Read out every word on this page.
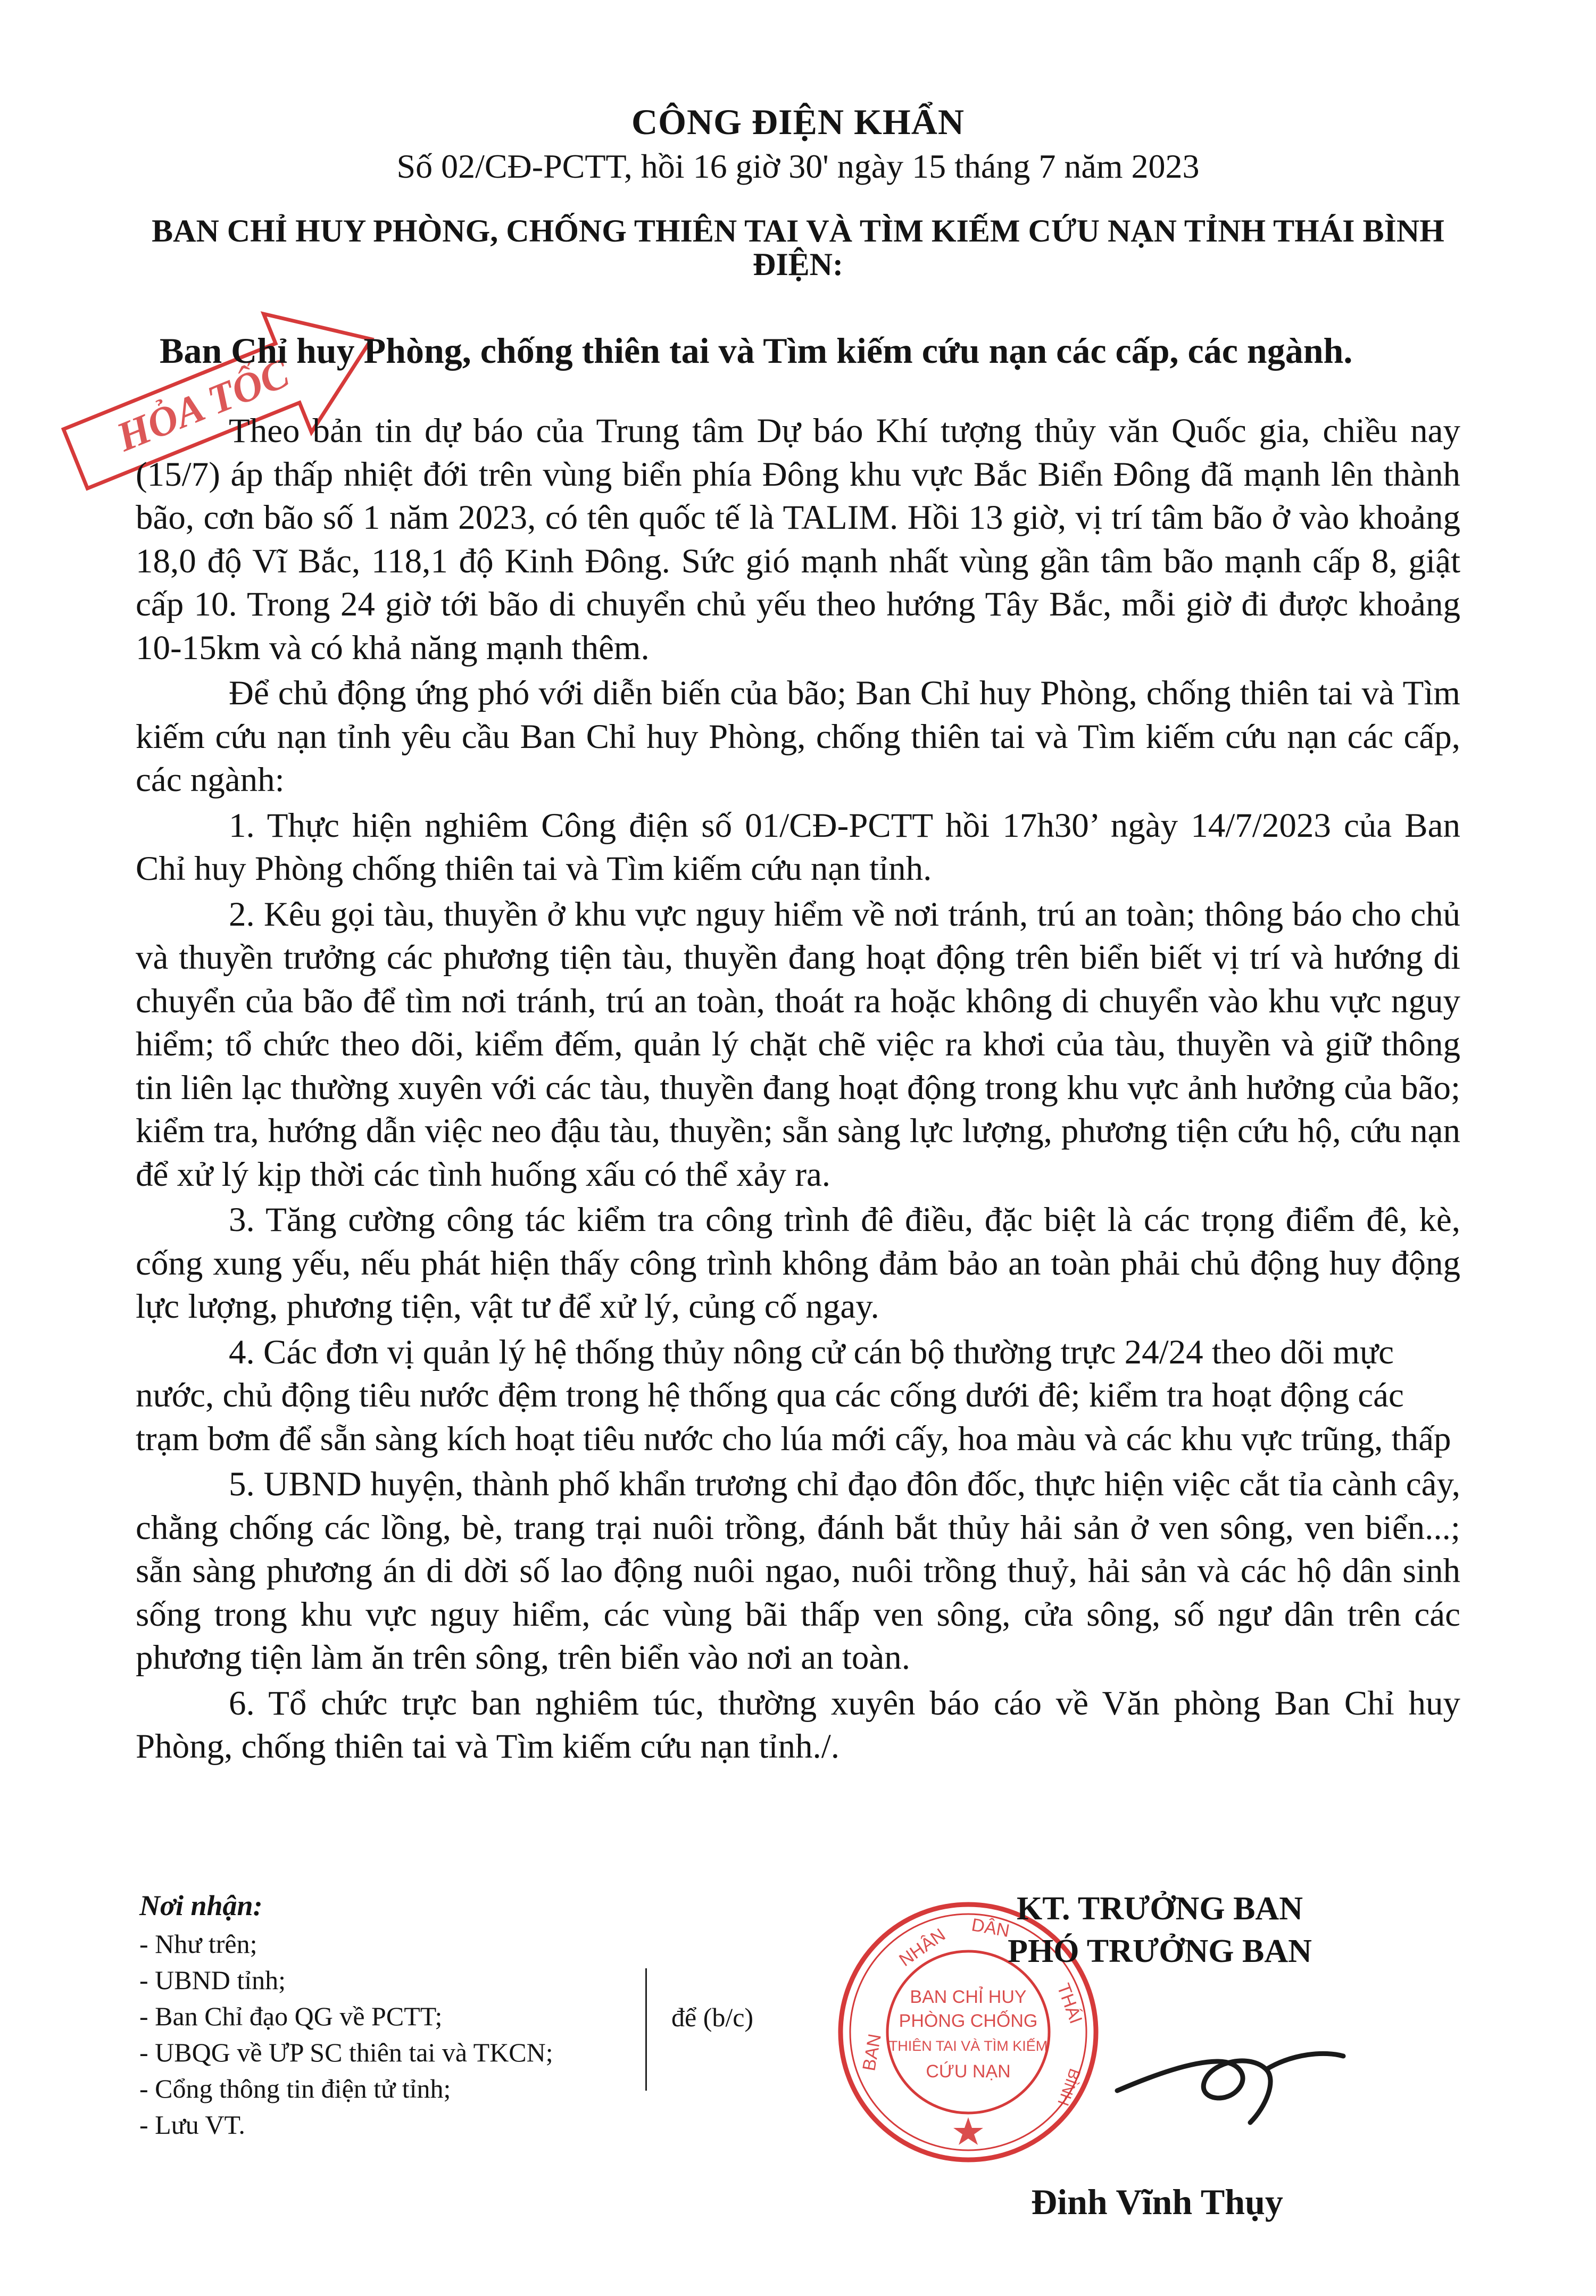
HỎA TỐC
CÔNG ĐIỆN KHẨN
Số 02/CĐ-PCTT, hồi 16 giờ 30' ngày 15 tháng 7 năm 2023
BAN CHỈ HUY PHÒNG, CHỐNG THIÊN TAI VÀ TÌM KIẾM CỨU NẠN TỈNH THÁI BÌNH
ĐIỆN:
Ban Chỉ huy Phòng, chống thiên tai và Tìm kiếm cứu nạn các cấp, các ngành.

Theo bản tin dự báo của Trung tâm Dự báo Khí tượng thủy văn Quốc gia, chiều nay (15/7) áp thấp nhiệt đới trên vùng biển phía Đông khu vực Bắc Biển Đông đã mạnh lên thành bão, cơn bão số 1 năm 2023, có tên quốc tế là TALIM. Hồi 13 giờ, vị trí tâm bão ở vào khoảng 18,0 độ Vĩ Bắc, 118,1 độ Kinh Đông. Sức gió mạnh nhất vùng gần tâm bão mạnh cấp 8, giật cấp 10. Trong 24 giờ tới bão di chuyển chủ yếu theo hướng Tây Bắc, mỗi giờ đi được khoảng 10-15km và có khả năng mạnh thêm.

Để chủ động ứng phó với diễn biến của bão; Ban Chỉ huy Phòng, chống thiên tai và Tìm kiếm cứu nạn tỉnh yêu cầu Ban Chỉ huy Phòng, chống thiên tai và Tìm kiếm cứu nạn các cấp, các ngành:

1. Thực hiện nghiêm Công điện số 01/CĐ-PCTT hồi 17h30’ ngày 14/7/2023 của Ban Chỉ huy Phòng chống thiên tai và Tìm kiếm cứu nạn tỉnh.

2. Kêu gọi tàu, thuyền ở khu vực nguy hiểm về nơi tránh, trú an toàn; thông báo cho chủ và thuyền trưởng các phương tiện tàu, thuyền đang hoạt động trên biển biết vị trí và hướng di chuyển của bão để tìm nơi tránh, trú an toàn, thoát ra hoặc không di chuyển vào khu vực nguy hiểm; tổ chức theo dõi, kiểm đếm, quản lý chặt chẽ việc ra khơi của tàu, thuyền và giữ thông tin liên lạc thường xuyên với các tàu, thuyền đang hoạt động trong khu vực ảnh hưởng của bão; kiểm tra, hướng dẫn việc neo đậu tàu, thuyền; sẵn sàng lực lượng, phương tiện cứu hộ, cứu nạn để xử lý kịp thời các tình huống xấu có thể xảy ra.

3. Tăng cường công tác kiểm tra công trình đê điều, đặc biệt là các trọng điểm đê, kè, cống xung yếu, nếu phát hiện thấy công trình không đảm bảo an toàn phải chủ động huy động lực lượng, phương tiện, vật tư để xử lý, củng cố ngay.

4. Các đơn vị quản lý hệ thống thủy nông cử cán bộ thường trực 24/24 theo dõi mực nước, chủ động tiêu nước đệm trong hệ thống qua các cống dưới đê; kiểm tra hoạt động các trạm bơm để sẵn sàng kích hoạt tiêu nước cho lúa mới cấy, hoa màu và các khu vực trũng, thấp

5. UBND huyện, thành phố khẩn trương chỉ đạo đôn đốc, thực hiện việc cắt tỉa cành cây, chằng chống các lồng, bè, trang trại nuôi trồng, đánh bắt thủy hải sản ở ven sông, ven biển...; sẵn sàng phương án di dời số lao động nuôi ngao, nuôi trồng thuỷ, hải sản và các hộ dân sinh sống trong khu vực nguy hiểm, các vùng bãi thấp ven sông, cửa sông, số ngư dân trên các phương tiện làm ăn trên sông, trên biển vào nơi an toàn.

6. Tổ chức trực ban nghiêm túc, thường xuyên báo cáo về Văn phòng Ban Chỉ huy Phòng, chống thiên tai và Tìm kiếm cứu nạn tỉnh./.

Nơi nhận:
- Như trên;
- UBND tỉnh;
- Ban Chỉ đạo QG về PCTT;
- UBQG về ƯP SC thiên tai và TKCN;
- Cổng thông tin điện tử tỉnh;
- Lưu VT.
để (b/c)
BAN CHỈ HUY
PHÒNG CHỐNG
THIÊN TAI VÀ TÌM KIẾM
CỨU NẠN
NHÂN DÂN
THÁI
BAN
BÌNH
KT. TRƯỞNG BAN
PHÓ TRƯỞNG BAN
Đinh Vĩnh Thụy
